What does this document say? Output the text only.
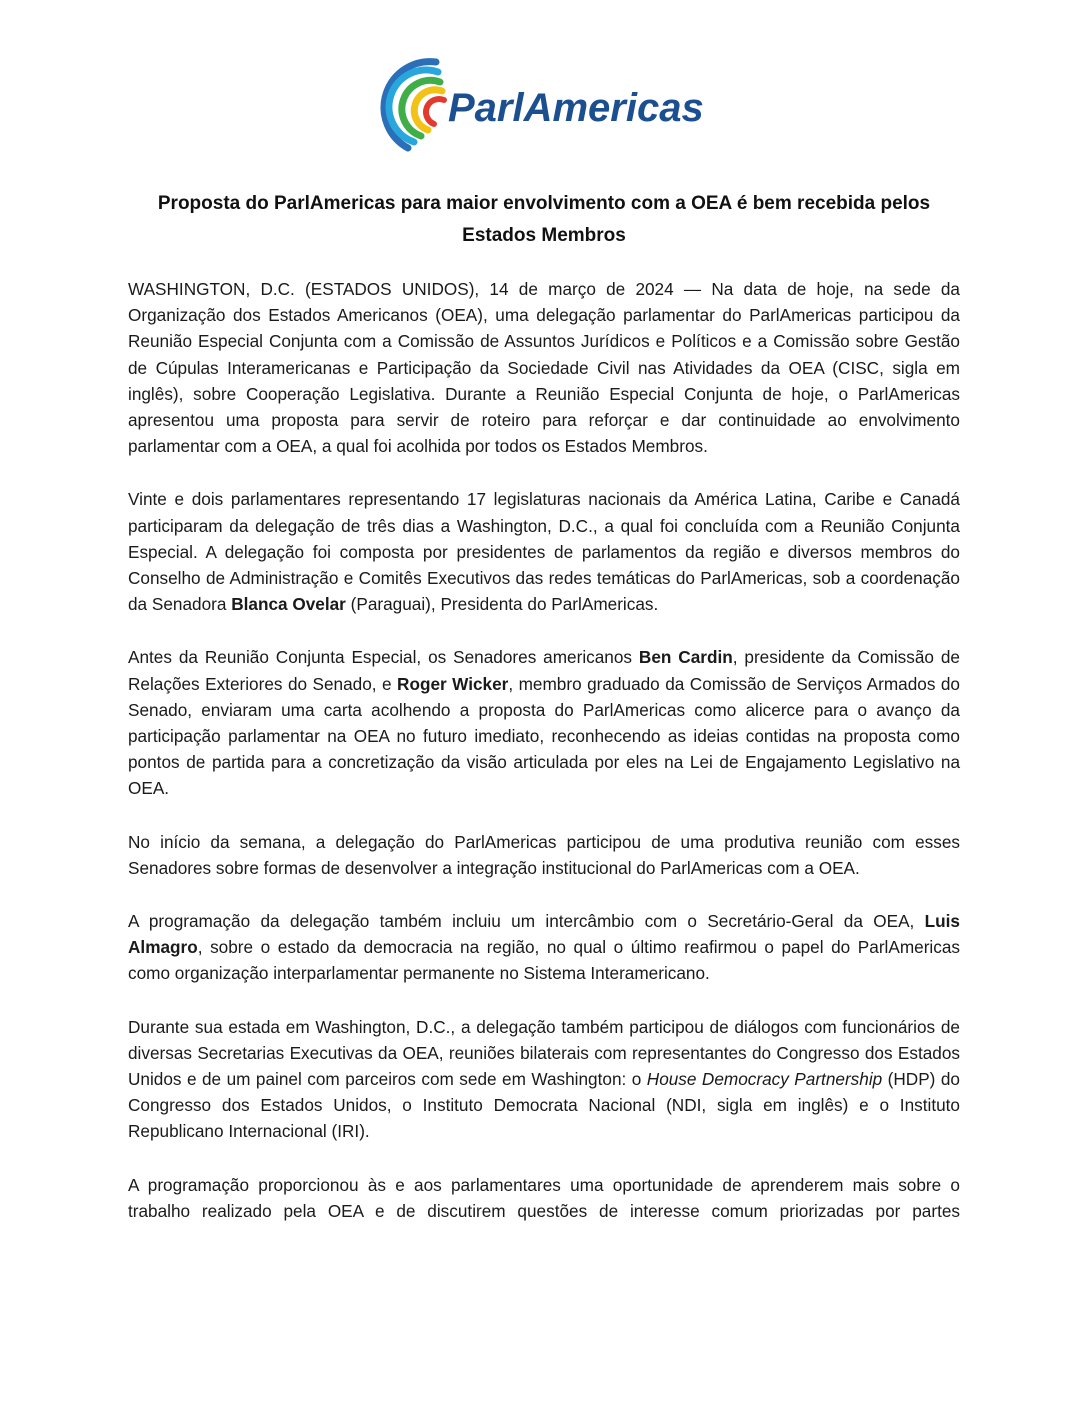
ParlAmericas
Proposta do ParlAmericas para maior envolvimento com a OEA é bem recebida pelos Estados Membros

WASHINGTON, D.C. (ESTADOS UNIDOS), 14 de março de 2024 — Na data de hoje, na sede da Organização dos Estados Americanos (OEA), uma delegação parlamentar do ParlAmericas participou da Reunião Especial Conjunta com a Comissão de Assuntos Jurídicos e Políticos e a Comissão sobre Gestão de Cúpulas Interamericanas e Participação da Sociedade Civil nas Atividades da OEA (CISC, sigla em inglês), sobre Cooperação Legislativa. Durante a Reunião Especial Conjunta de hoje, o ParlAmericas apresentou uma proposta para servir de roteiro para reforçar e dar continuidade ao envolvimento parlamentar com a OEA, a qual foi acolhida por todos os Estados Membros.

Vinte e dois parlamentares representando 17 legislaturas nacionais da América Latina, Caribe e Canadá participaram da delegação de três dias a Washington, D.C., a qual foi concluída com a Reunião Conjunta Especial. A delegação foi composta por presidentes de parlamentos da região e diversos membros do Conselho de Administração e Comitês Executivos das redes temáticas do ParlAmericas, sob a coordenação da Senadora Blanca Ovelar (Paraguai), Presidenta do ParlAmericas.

Antes da Reunião Conjunta Especial, os Senadores americanos Ben Cardin, presidente da Comissão de Relações Exteriores do Senado, e Roger Wicker, membro graduado da Comissão de Serviços Armados do Senado, enviaram uma carta acolhendo a proposta do ParlAmericas como alicerce para o avanço da participação parlamentar na OEA no futuro imediato, reconhecendo as ideias contidas na proposta como pontos de partida para a concretização da visão articulada por eles na Lei de Engajamento Legislativo na OEA.

No início da semana, a delegação do ParlAmericas participou de uma produtiva reunião com esses Senadores sobre formas de desenvolver a integração institucional do ParlAmericas com a OEA.

A programação da delegação também incluiu um intercâmbio com o Secretário-Geral da OEA, Luis Almagro, sobre o estado da democracia na região, no qual o último reafirmou o papel do ParlAmericas como organização interparlamentar permanente no Sistema Interamericano.

Durante sua estada em Washington, D.C., a delegação também participou de diálogos com funcionários de diversas Secretarias Executivas da OEA, reuniões bilaterais com representantes do Congresso dos Estados Unidos e de um painel com parceiros com sede em Washington: o House Democracy Partnership (HDP) do Congresso dos Estados Unidos, o Instituto Democrata Nacional (NDI, sigla em inglês) e o Instituto Republicano Internacional (IRI).

A programação proporcionou às e aos parlamentares uma oportunidade de aprenderem mais sobre o trabalho realizado pela OEA e de discutirem questões de interesse comum priorizadas por partes
